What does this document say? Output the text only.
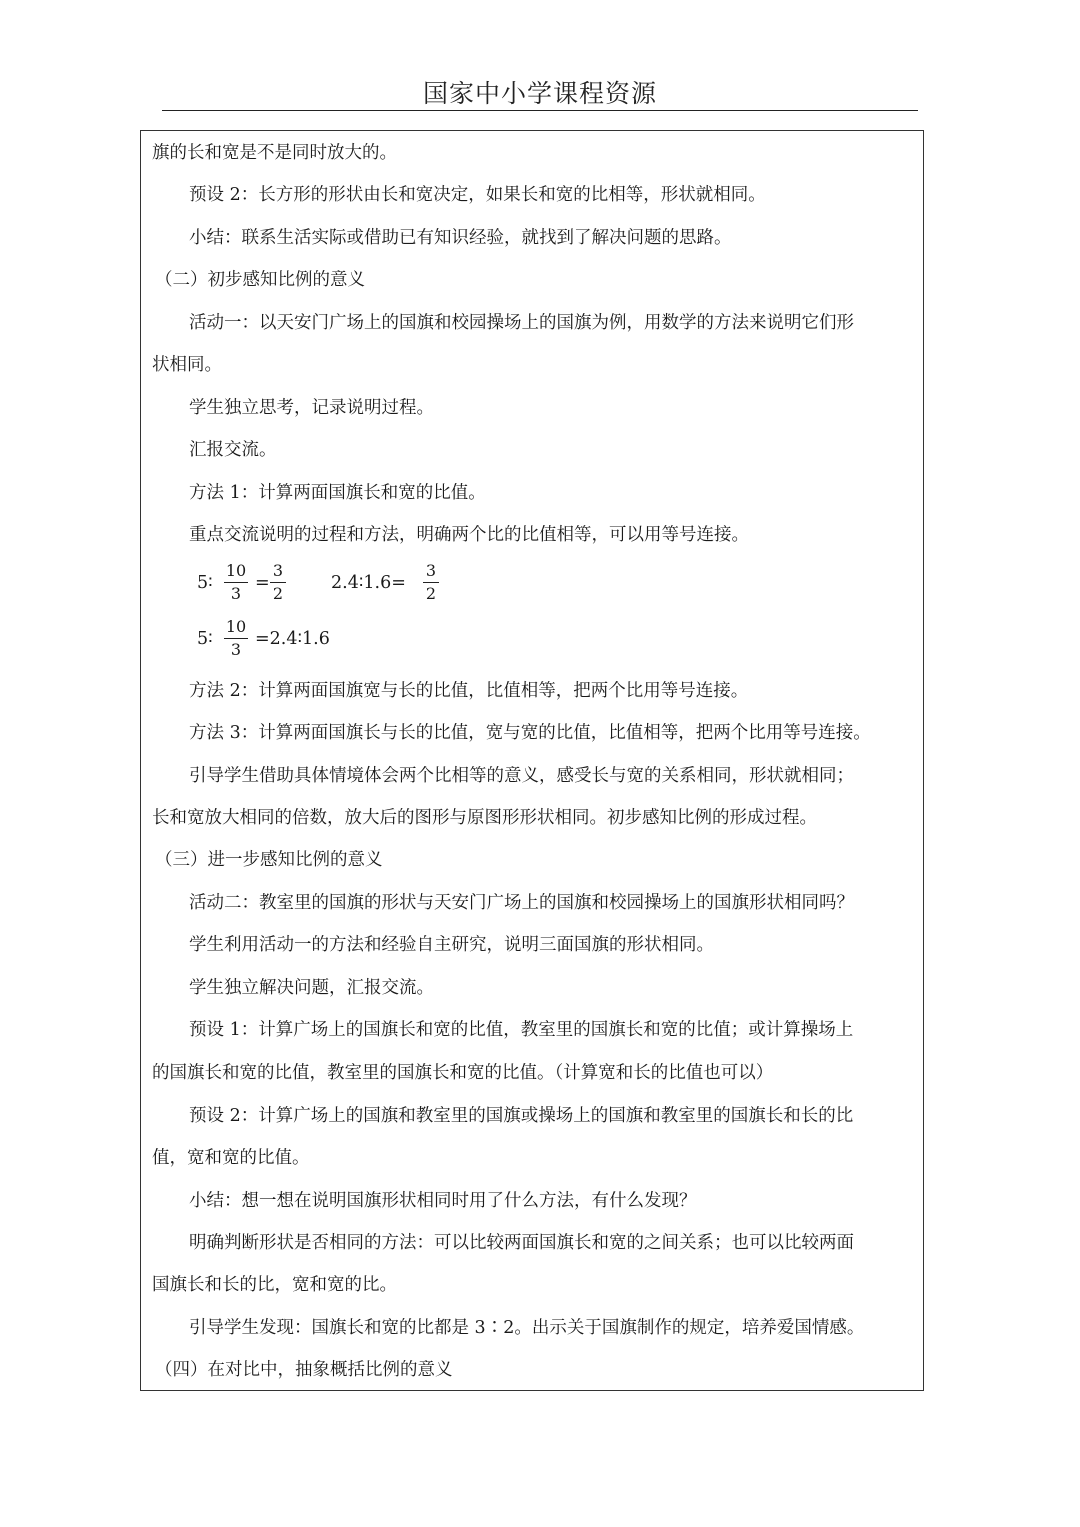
国家中小学课程资源
旗的长和宽是不是同时放大的。
预设 2：长方形的形状由长和宽决定，如果长和宽的比相等，形状就相同。
小结：联系生活实际或借助已有知识经验，就找到了解决问题的思路。
（二）初步感知比例的意义
活动一：以天安门广场上的国旗和校园操场上的国旗为例，用数学的方法来说明它们形
状相同。
学生独立思考，记录说明过程。
汇报交流。
方法 1：计算两面国旗长和宽的比值。
重点交流说明的过程和方法，明确两个比的比值相等，可以用等号连接。
5∶
10
3
=
3
2
2.4∶1.6=
3
2
5∶
10
3
=2.4∶1.6
方法 2：计算两面国旗宽与长的比值，比值相等，把两个比用等号连接。
方法 3：计算两面国旗长与长的比值，宽与宽的比值，比值相等，把两个比用等号连接。
引导学生借助具体情境体会两个比相等的意义，感受长与宽的关系相同，形状就相同；
长和宽放大相同的倍数，放大后的图形与原图形形状相同。初步感知比例的形成过程。
（三）进一步感知比例的意义
活动二：教室里的国旗的形状与天安门广场上的国旗和校园操场上的国旗形状相同吗？
学生利用活动一的方法和经验自主研究，说明三面国旗的形状相同。
学生独立解决问题，汇报交流。
预设 1：计算广场上的国旗长和宽的比值，教室里的国旗长和宽的比值；或计算操场上
的国旗长和宽的比值，教室里的国旗长和宽的比值。（计算宽和长的比值也可以）
预设 2：计算广场上的国旗和教室里的国旗或操场上的国旗和教室里的国旗长和长的比
值，宽和宽的比值。
小结：想一想在说明国旗形状相同时用了什么方法，有什么发现？
明确判断形状是否相同的方法：可以比较两面国旗长和宽的之间关系；也可以比较两面
国旗长和长的比，宽和宽的比。
引导学生发现：国旗长和宽的比都是 3∶2。出示关于国旗制作的规定，培养爱国情感。
（四）在对比中，抽象概括比例的意义
